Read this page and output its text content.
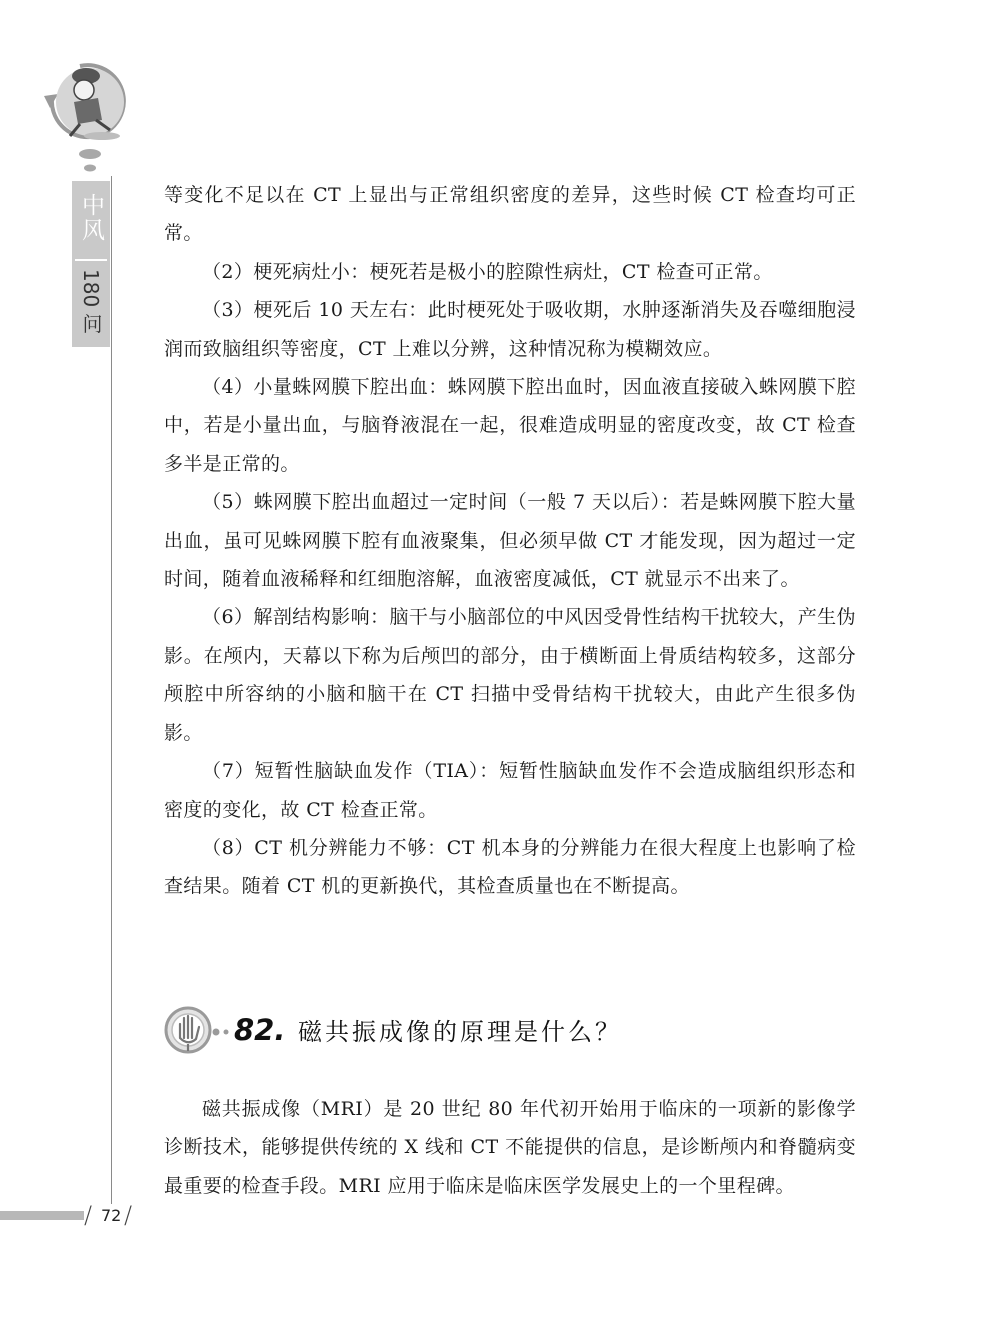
中风
180 问

等变化不足以在 CT 上显出与正常组织密度的差异，这些时候 CT 检查均可正常。

（2）梗死病灶小：梗死若是极小的腔隙性病灶，CT 检查可正常。

（3）梗死后 10 天左右：此时梗死处于吸收期，水肿逐渐消失及吞噬细胞浸润而致脑组织等密度，CT 上难以分辨，这种情况称为模糊效应。

（4）小量蛛网膜下腔出血：蛛网膜下腔出血时，因血液直接破入蛛网膜下腔中，若是小量出血，与脑脊液混在一起，很难造成明显的密度改变，故 CT 检查多半是正常的。

（5）蛛网膜下腔出血超过一定时间（一般 7 天以后）：若是蛛网膜下腔大量出血，虽可见蛛网膜下腔有血液聚集，但必须早做 CT 才能发现，因为超过一定时间，随着血液稀释和红细胞溶解，血液密度减低，CT 就显示不出来了。

（6）解剖结构影响：脑干与小脑部位的中风因受骨性结构干扰较大，产生伪影。在颅内，天幕以下称为后颅凹的部分，由于横断面上骨质结构较多，这部分颅腔中所容纳的小脑和脑干在 CT 扫描中受骨结构干扰较大，由此产生很多伪影。

（7）短暂性脑缺血发作（TIA）：短暂性脑缺血发作不会造成脑组织形态和密度的变化，故 CT 检查正常。

（8）CT 机分辨能力不够：CT 机本身的分辨能力在很大程度上也影响了检查结果。随着 CT 机的更新换代，其检查质量也在不断提高。

82. 磁共振成像的原理是什么？

磁共振成像（MRI）是 20 世纪 80 年代初开始用于临床的一项新的影像学诊断技术，能够提供传统的 X 线和 CT 不能提供的信息，是诊断颅内和脊髓病变最重要的检查手段。MRI 应用于临床是临床医学发展史上的一个里程碑。

/ 72 /
